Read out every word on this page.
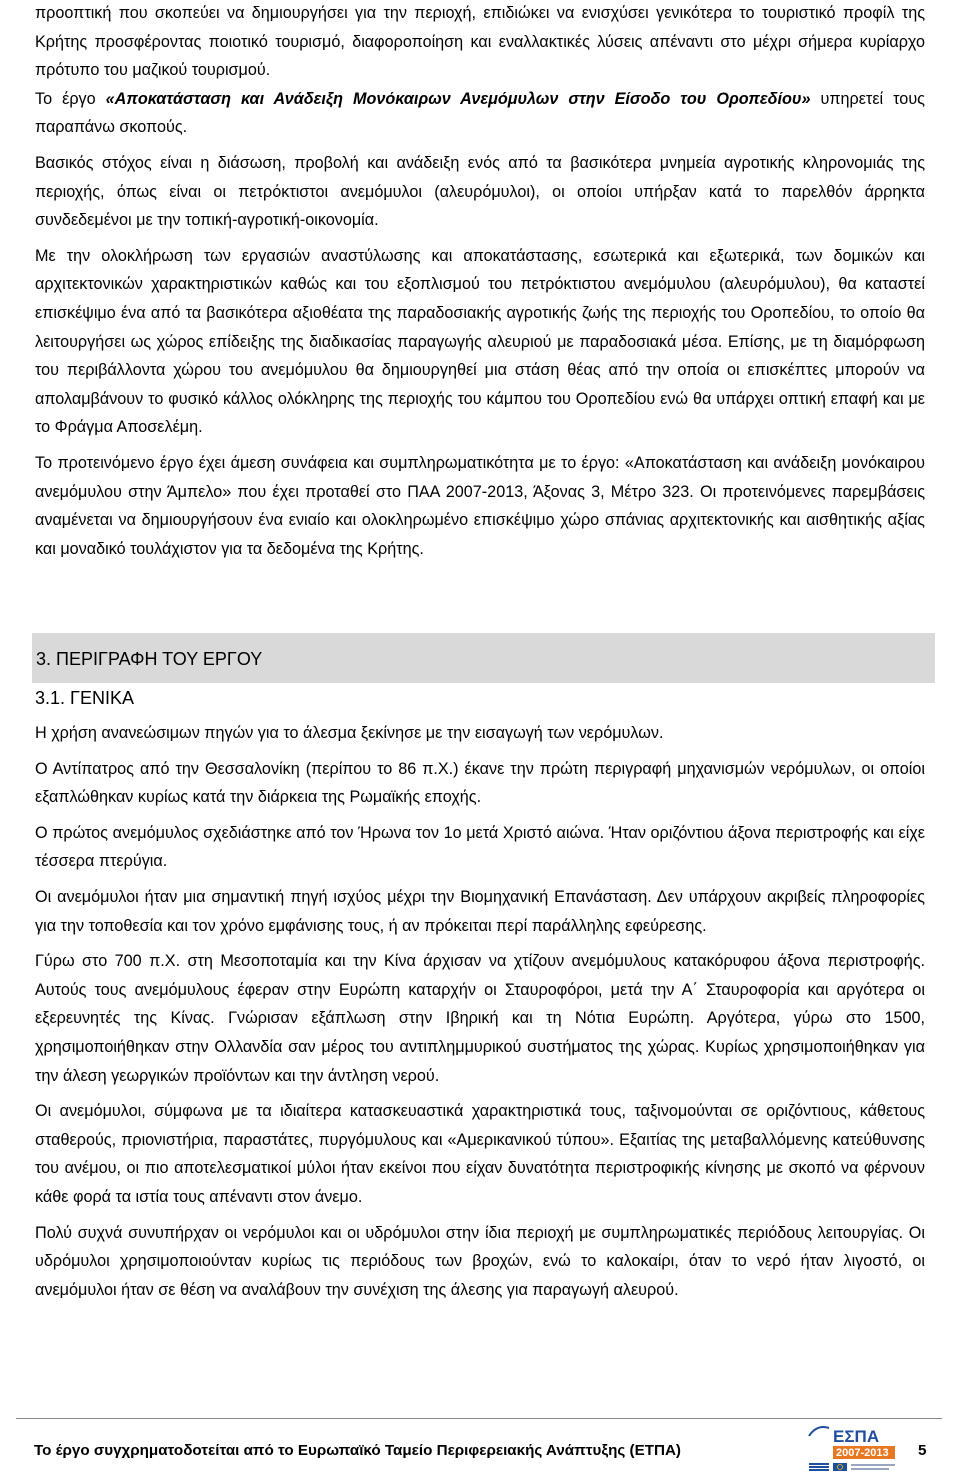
προοπτική που σκοπεύει να δημιουργήσει για την περιοχή, επιδιώκει να ενισχύσει γενικότερα το τουριστικό προφίλ της Κρήτης προσφέροντας ποιοτικό τουρισμό, διαφοροποίηση και εναλλακτικές λύσεις απέναντι στο μέχρι σήμερα κυρίαρχο πρότυπο του μαζικού τουρισμού.

Το έργο «Αποκατάσταση και Ανάδειξη Μονόκαιρων Ανεμόμυλων στην Είσοδο του Οροπεδίου» υπηρετεί τους παραπάνω σκοπούς.

Βασικός στόχος είναι η διάσωση, προβολή και ανάδειξη ενός από τα βασικότερα μνημεία αγροτικής κληρονομιάς της περιοχής, όπως είναι οι πετρόκτιστοι ανεμόμυλοι (αλευρόμυλοι), οι οποίοι υπήρξαν κατά το παρελθόν άρρηκτα συνδεδεμένοι με την τοπική-αγροτική-οικονομία.

Με την ολοκλήρωση των εργασιών αναστύλωσης και αποκατάστασης, εσωτερικά και εξωτερικά, των δομικών και αρχιτεκτονικών χαρακτηριστικών καθώς και του εξοπλισμού του πετρόκτιστου ανεμόμυλου (αλευρόμυλου), θα καταστεί επισκέψιμο ένα από τα βασικότερα αξιοθέατα της παραδοσιακής αγροτικής ζωής της περιοχής του Οροπεδίου, το οποίο θα λειτουργήσει ως χώρος επίδειξης της διαδικασίας παραγωγής αλευριού με παραδοσιακά μέσα. Επίσης, με τη διαμόρφωση του περιβάλλοντα χώρου του ανεμόμυλου θα δημιουργηθεί μια στάση θέας από την οποία οι επισκέπτες μπορούν να απολαμβάνουν το φυσικό κάλλος ολόκληρης της περιοχής του κάμπου του Οροπεδίου ενώ θα υπάρχει οπτική επαφή και με το Φράγμα Αποσελέμη.

Το προτεινόμενο έργο έχει άμεση συνάφεια και συμπληρωματικότητα με το έργο: «Αποκατάσταση και ανάδειξη μονόκαιρου ανεμόμυλου στην Άμπελο» που έχει προταθεί στο ΠΑΑ 2007-2013, Άξονας 3, Μέτρο 323. Οι προτεινόμενες παρεμβάσεις αναμένεται να δημιουργήσουν ένα ενιαίο και ολοκληρωμένο επισκέψιμο χώρο σπάνιας αρχιτεκτονικής και αισθητικής αξίας και μοναδικό τουλάχιστον για τα δεδομένα της Κρήτης.

3. ΠΕΡΙΓΡΑΦΗ ΤΟΥ ΕΡΓΟΥ
3.1. ΓΕΝΙΚΑ

Η χρήση ανανεώσιμων πηγών για το άλεσμα ξεκίνησε με την εισαγωγή των νερόμυλων.

Ο Αντίπατρος από την Θεσσαλονίκη (περίπου το 86 π.Χ.) έκανε την πρώτη περιγραφή μηχανισμών νερόμυλων, οι οποίοι εξαπλώθηκαν κυρίως κατά την διάρκεια της Ρωμαϊκής εποχής.

Ο πρώτος ανεμόμυλος σχεδιάστηκε από τον Ήρωνα τον 1ο μετά Χριστό αιώνα. Ήταν οριζόντιου άξονα περιστροφής και είχε τέσσερα πτερύγια.

Οι ανεμόμυλοι ήταν μια σημαντική πηγή ισχύος μέχρι την Βιομηχανική Επανάσταση. Δεν υπάρχουν ακριβείς πληροφορίες για την τοποθεσία και τον χρόνο εμφάνισης τους, ή αν πρόκειται περί παράλληλης εφεύρεσης.

Γύρω στο 700 π.Χ. στη Μεσοποταμία και την Κίνα άρχισαν να χτίζουν ανεμόμυλους κατακόρυφου άξονα περιστροφής. Αυτούς τους ανεμόμυλους έφεραν στην Ευρώπη καταρχήν οι Σταυροφόροι, μετά την Α΄ Σταυροφορία και αργότερα οι εξερευνητές της Κίνας. Γνώρισαν εξάπλωση στην Ιβηρική και τη Νότια Ευρώπη. Αργότερα, γύρω στο 1500, χρησιμοποιήθηκαν στην Ολλανδία σαν μέρος του αντιπλημμυρικού συστήματος της χώρας. Κυρίως χρησιμοποιήθηκαν για την άλεση γεωργικών προϊόντων και την άντληση νερού.

Οι ανεμόμυλοι, σύμφωνα με τα ιδιαίτερα κατασκευαστικά χαρακτηριστικά τους, ταξινομούνται σε οριζόντιους, κάθετους σταθερούς, πριονιστήρια, παραστάτες, πυργόμυλους και «Αμερικανικού τύπου». Εξαιτίας της μεταβαλλόμενης κατεύθυνσης του ανέμου, οι πιο αποτελεσματικοί μύλοι ήταν εκείνοι που είχαν δυνατότητα περιστροφικής κίνησης με σκοπό να φέρνουν κάθε φορά τα ιστία τους απέναντι στον άνεμο.

Πολύ συχνά συνυπήρχαν οι νερόμυλοι και οι υδρόμυλοι στην ίδια περιοχή με συμπληρωματικές περιόδους λειτουργίας. Οι υδρόμυλοι χρησιμοποιούνταν κυρίως τις περιόδους των βροχών, ενώ το καλοκαίρι, όταν το νερό ήταν λιγοστό, οι ανεμόμυλοι ήταν σε θέση να αναλάβουν την συνέχιση της άλεσης για παραγωγή αλευρού.

Το έργο συγχρηματοδοτείται από το Ευρωπαϊκό Ταμείο Περιφερειακής Ανάπτυξης (ΕΤΠΑ)
ΕΣΠΑ
2007-2013 5
